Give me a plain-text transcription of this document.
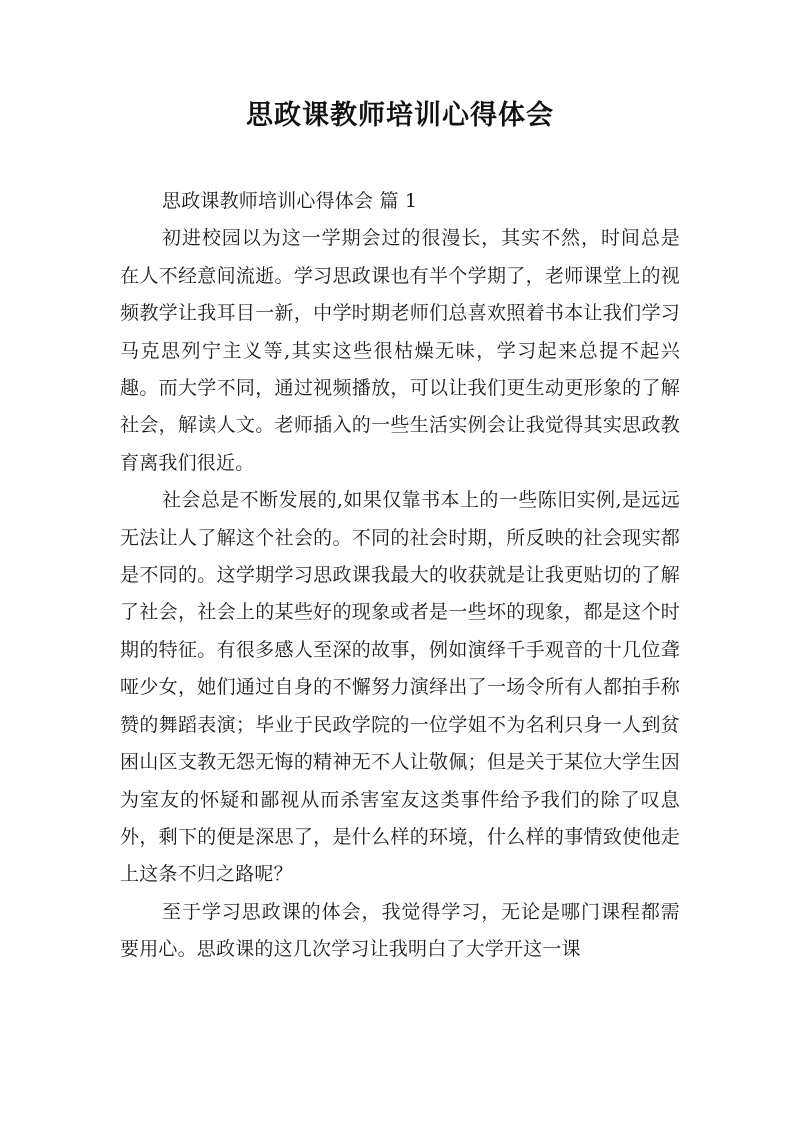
思政课教师培训心得体会

思政课教师培训心得体会 篇 1

初进校园以为这一学期会过的很漫长，其实不然，时间总是在人不经意间流逝。学习思政课也有半个学期了，老师课堂上的视频教学让我耳目一新，中学时期老师们总喜欢照着书本让我们学习马克思列宁主义等,其实这些很枯燥无味，学习起来总提不起兴趣。而大学不同，通过视频播放，可以让我们更生动更形象的了解社会，解读人文。老师插入的一些生活实例会让我觉得其实思政教育离我们很近。

社会总是不断发展的,如果仅靠书本上的一些陈旧实例,是远远无法让人了解这个社会的。不同的社会时期，所反映的社会现实都是不同的。这学期学习思政课我最大的收获就是让我更贴切的了解了社会，社会上的某些好的现象或者是一些坏的现象，都是这个时期的特征。有很多感人至深的故事，例如演绎千手观音的十几位聋哑少女，她们通过自身的不懈努力演绎出了一场令所有人都拍手称赞的舞蹈表演；毕业于民政学院的一位学姐不为名利只身一人到贫困山区支教无怨无悔的精神无不人让敬佩；但是关于某位大学生因为室友的怀疑和鄙视从而杀害室友这类事件给予我们的除了叹息外，剩下的便是深思了，是什么样的环境，什么样的事情致使他走上这条不归之路呢？

至于学习思政课的体会，我觉得学习，无论是哪门课程都需要用心。思政课的这几次学习让我明白了大学开这一课
